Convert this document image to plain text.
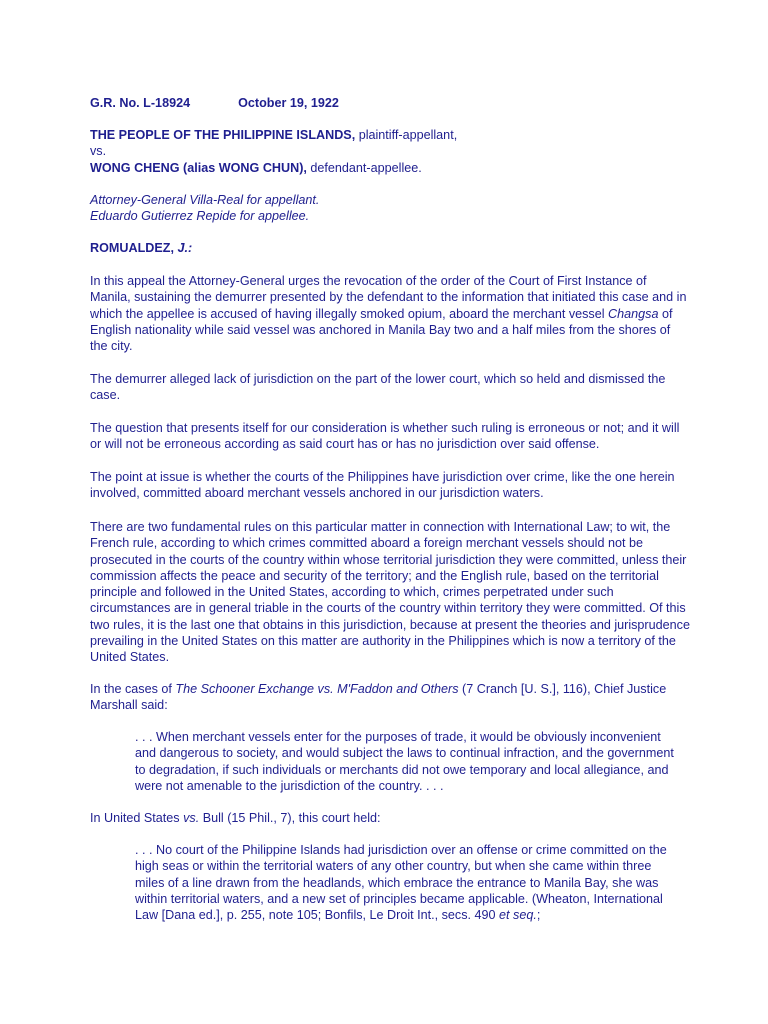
G.R. No. L-18924	October 19, 1922

THE PEOPLE OF THE PHILIPPINE ISLANDS, plaintiff-appellant,
vs.
WONG CHENG (alias WONG CHUN), defendant-appellee.

Attorney-General Villa-Real for appellant.
Eduardo Gutierrez Repide for appellee.

ROMUALDEZ, J.:

In this appeal the Attorney-General urges the revocation of the order of the Court of First Instance of Manila, sustaining the demurrer presented by the defendant to the information that initiated this case and in which the appellee is accused of having illegally smoked opium, aboard the merchant vessel Changsa of English nationality while said vessel was anchored in Manila Bay two and a half miles from the shores of the city.

The demurrer alleged lack of jurisdiction on the part of the lower court, which so held and dismissed the case.

The question that presents itself for our consideration is whether such ruling is erroneous or not; and it will or will not be erroneous according as said court has or has no jurisdiction over said offense.

The point at issue is whether the courts of the Philippines have jurisdiction over crime, like the one herein involved, committed aboard merchant vessels anchored in our jurisdiction waters.

There are two fundamental rules on this particular matter in connection with International Law; to wit, the French rule, according to which crimes committed aboard a foreign merchant vessels should not be prosecuted in the courts of the country within whose territorial jurisdiction they were committed, unless their commission affects the peace and security of the territory; and the English rule, based on the territorial principle and followed in the United States, according to which, crimes perpetrated under such circumstances are in general triable in the courts of the country within territory they were committed. Of this two rules, it is the last one that obtains in this jurisdiction, because at present the theories and jurisprudence prevailing in the United States on this matter are authority in the Philippines which is now a territory of the United States.

In the cases of The Schooner Exchange vs. M'Faddon and Others (7 Cranch [U. S.], 116), Chief Justice Marshall said:

. . . When merchant vessels enter for the purposes of trade, it would be obviously inconvenient and dangerous to society, and would subject the laws to continual infraction, and the government to degradation, if such individuals or merchants did not owe temporary and local allegiance, and were not amenable to the jurisdiction of the country. . . .

In United States vs. Bull (15 Phil., 7), this court held:

. . . No court of the Philippine Islands had jurisdiction over an offense or crime committed on the high seas or within the territorial waters of any other country, but when she came within three miles of a line drawn from the headlands, which embrace the entrance to Manila Bay, she was within territorial waters, and a new set of principles became applicable. (Wheaton, International Law [Dana ed.], p. 255, note 105; Bonfils, Le Droit Int., secs. 490 et seq.;
